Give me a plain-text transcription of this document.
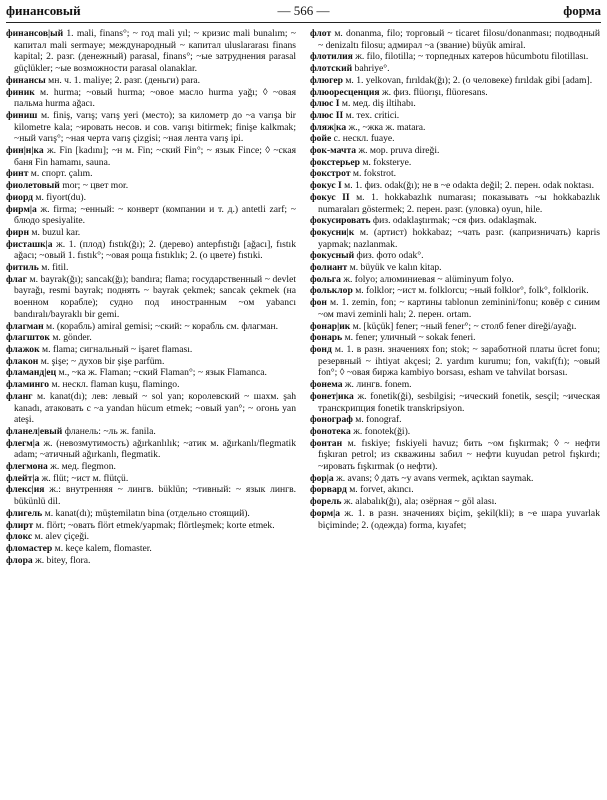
финансовый	— 566 —	форма

финансов|ый 1. mali, finans°; ~ год mali yıl; ~ кризис mali bunalım; ~ капитал mali sermaye; международный ~ капитал uluslararası finans kapital; 2. разг. (денежный) parasal, finans°; ~ые затруднения parasal güçlükler; ~ые возможности parasal olanaklar.

финансы мн. ч. 1. maliye; 2. разг. (деньги) para.

финик м. hurma; ~овый hurma; ~овое масло hurma yağı; ◊ ~овая пальма hurma ağacı.

финиш м. finiş, varış; varış yeri (место); за километр до ~а varışa bir kilometre kala; ~ировать несов. и сов. varışı bitirmek; finişe kalkmak; ~ный varış°; ~ная черта varış çizgisi; ~ная лента varış ipi.

фин|н|ка ж. Fin [kadını]; ~н м. Fin; ~ский Fin°; ~ язык Fince; ◊ ~ская баня Fin hamamı, sauna.

финт м. спорт. çalım.

фиолетовый mor; ~ цвет mor.

фиорд м. fiyort(du).

фирм|а ж. firma; ~енный: ~ конверт (компании и т. д.) antetli zarf; ~ блюдо spesiyalite.

фирн м. buzul kar.

фисташк|а ж. 1. (плод) fıstık(ğı); 2. (дерево) antepfıstığı [ağacı], fıstık ağacı; ~овый 1. fıstık°; ~овая роща fıstıklık; 2. (о цвете) fıstıki.

фитиль м. fitil.

флаг м. bayrak(ğı); sancak(ğı); bandıra; flama; государственный ~ devlet bayrağı, resmi bayrak; поднять ~ bayrak çekmek; sancak çekmek (на военном корабле); судно под иностранным ~ом yabancı bandıralı/bayraklı bir gemi.

флагман м. (корабль) amiral gemisi; ~ский: ~ корабль см. флагман.

флагшток м. gönder.

флажок м. flama; сигнальный ~ işaret flaması.

флакон м. şişe; ~ духов bir şişe parfüm.

фламанд|ец м., ~ка ж. Flaman; ~ский Flaman°; ~ язык Flamanca.

фламинго м. нескл. flaman kuşu, flamingo.

фланг м. kanat(dı); лев: левый ~ sol yan; королевский ~ шахм. şah kanadı, атаковать с ~а yandan hücum etmek; ~овый yan°; ~ огонь yan ateşi.

фланел|евый фланель: ~ль ж. fanila.

флегм|а ж. (невозмутимость) ağırkanlılık; ~атик м. ağırkanlı/flegmatik adam; ~атичный ağırkanlı, flegmatik.

флегмона ж. мед. flegmon.

флейт|а ж. flüt; ~ист м. flütçü.

флекс|ия ж.: внутренняя ~ лингв. büklün; ~тивный: ~ язык лингв. bükünlü dil.

флигель м. kanat(dı); müştemilatın bina (отдельно стоящий).

флирт м. flört; ~овать flört etmek/yapmak; flörtleşmek; korte etmek.

флокс м. alev çiçeği.

фломастер м. keçe kalem, flomaster.

флора ж. bitey, flora.

флот м. donanma, filo; торговый ~ ticaret filosu/donanması; подводный ~ denizaltı filosu; адмирал ~а (звание) büyük amiral.

флотилия ж. filo, filotilla; ~ торпедных катеров hücumbotu filotillası.

флотский bahriye°.

флюгер м. 1. yelkovan, fırıldak(ğı); 2. (о человеке) fırıldak gibi [adam].

флюоресценция ж. физ. flüorışı, flüoresans.

флюс I м. мед. diş iltihabı.

флюс II м. тех. critici.

фляж|ка ж., ~жка ж. matara.

фойе с. нескл. fuaye.

фок-мачта ж. мор. pruva direği.

фокстерьер м. foksterye.

фокстрот м. fokstrot.

фокус I м. 1. физ. odak(ğı); не в ~е odakta değil; 2. перен. odak noktası.

фокус II м. 1. hokkabazlık numarası; показывать ~ы hokkabazlık numaraları göstermek; 2. перен. разг. (уловка) oyun, hile.

фокусировать физ. odaklaştırmak; ~ся физ. odaklaşmak.

фокусни|к м. (артист) hokkabaz; ~чать разг. (капризничать) kapris yapmak; nazlanmak.

фокусный физ. фото odak°.

фолиант м. büyük ve kalın kitap.

фольга ж. folyo; алюминиевая ~ alüminyum folyo.

фольклор м. folklor; ~ист м. folklorcu; ~ный folklor°, folk°, folklorik.

фон м. 1. zemin, fon; ~ картины tablonun zeminini/fonu; ковёр с синим ~ом mavi zeminli halı; 2. перен. ortam.

фонар|ик м. [küçük] fener; ~ный fener°; ~ столб fener direği/ayağı.

фонарь м. fener; уличный ~ sokak feneri.

фонд м. 1. в разн. значениях fon; stok; ~ заработной платы ücret fonu; резервный ~ ihtiyat akçesi; 2. yardım kurumu; fon, vakıf(fı); ~овый fon°; ◊ ~овая биржа kambiyo borsası, esham ve tahvilat borsası.

фонема ж. лингв. fonem.

фонет|ика ж. fonetik(ği), sesbilgisi; ~ический fonetik, sesçil; ~ическая транскрипция fonetik transkripsiyon.

фонограф м. fonograf.

фонотека ж. fonotek(ği).

фонтан м. fıskiye; fıskiyeli havuz; бить ~ом fışkırmak; ◊ ~ нефти fışkıran petrol; из скважины забил ~ нефти kuyudan petrol fışkırdı; ~ировать fışkırmak (о нефти).

фор|а ж. avans; ◊ дать ~у avans vermek, açıktan saymak.

форвард м. forvet, akıncı.

форель ж. alabalık(ğı), ala; озёрная ~ göl alası.

форм|а ж. 1. в разн. значениях biçim, şekil(kli); в ~е шара yuvarlak biçiminde; 2. (одежда) forma, kıyafet;
